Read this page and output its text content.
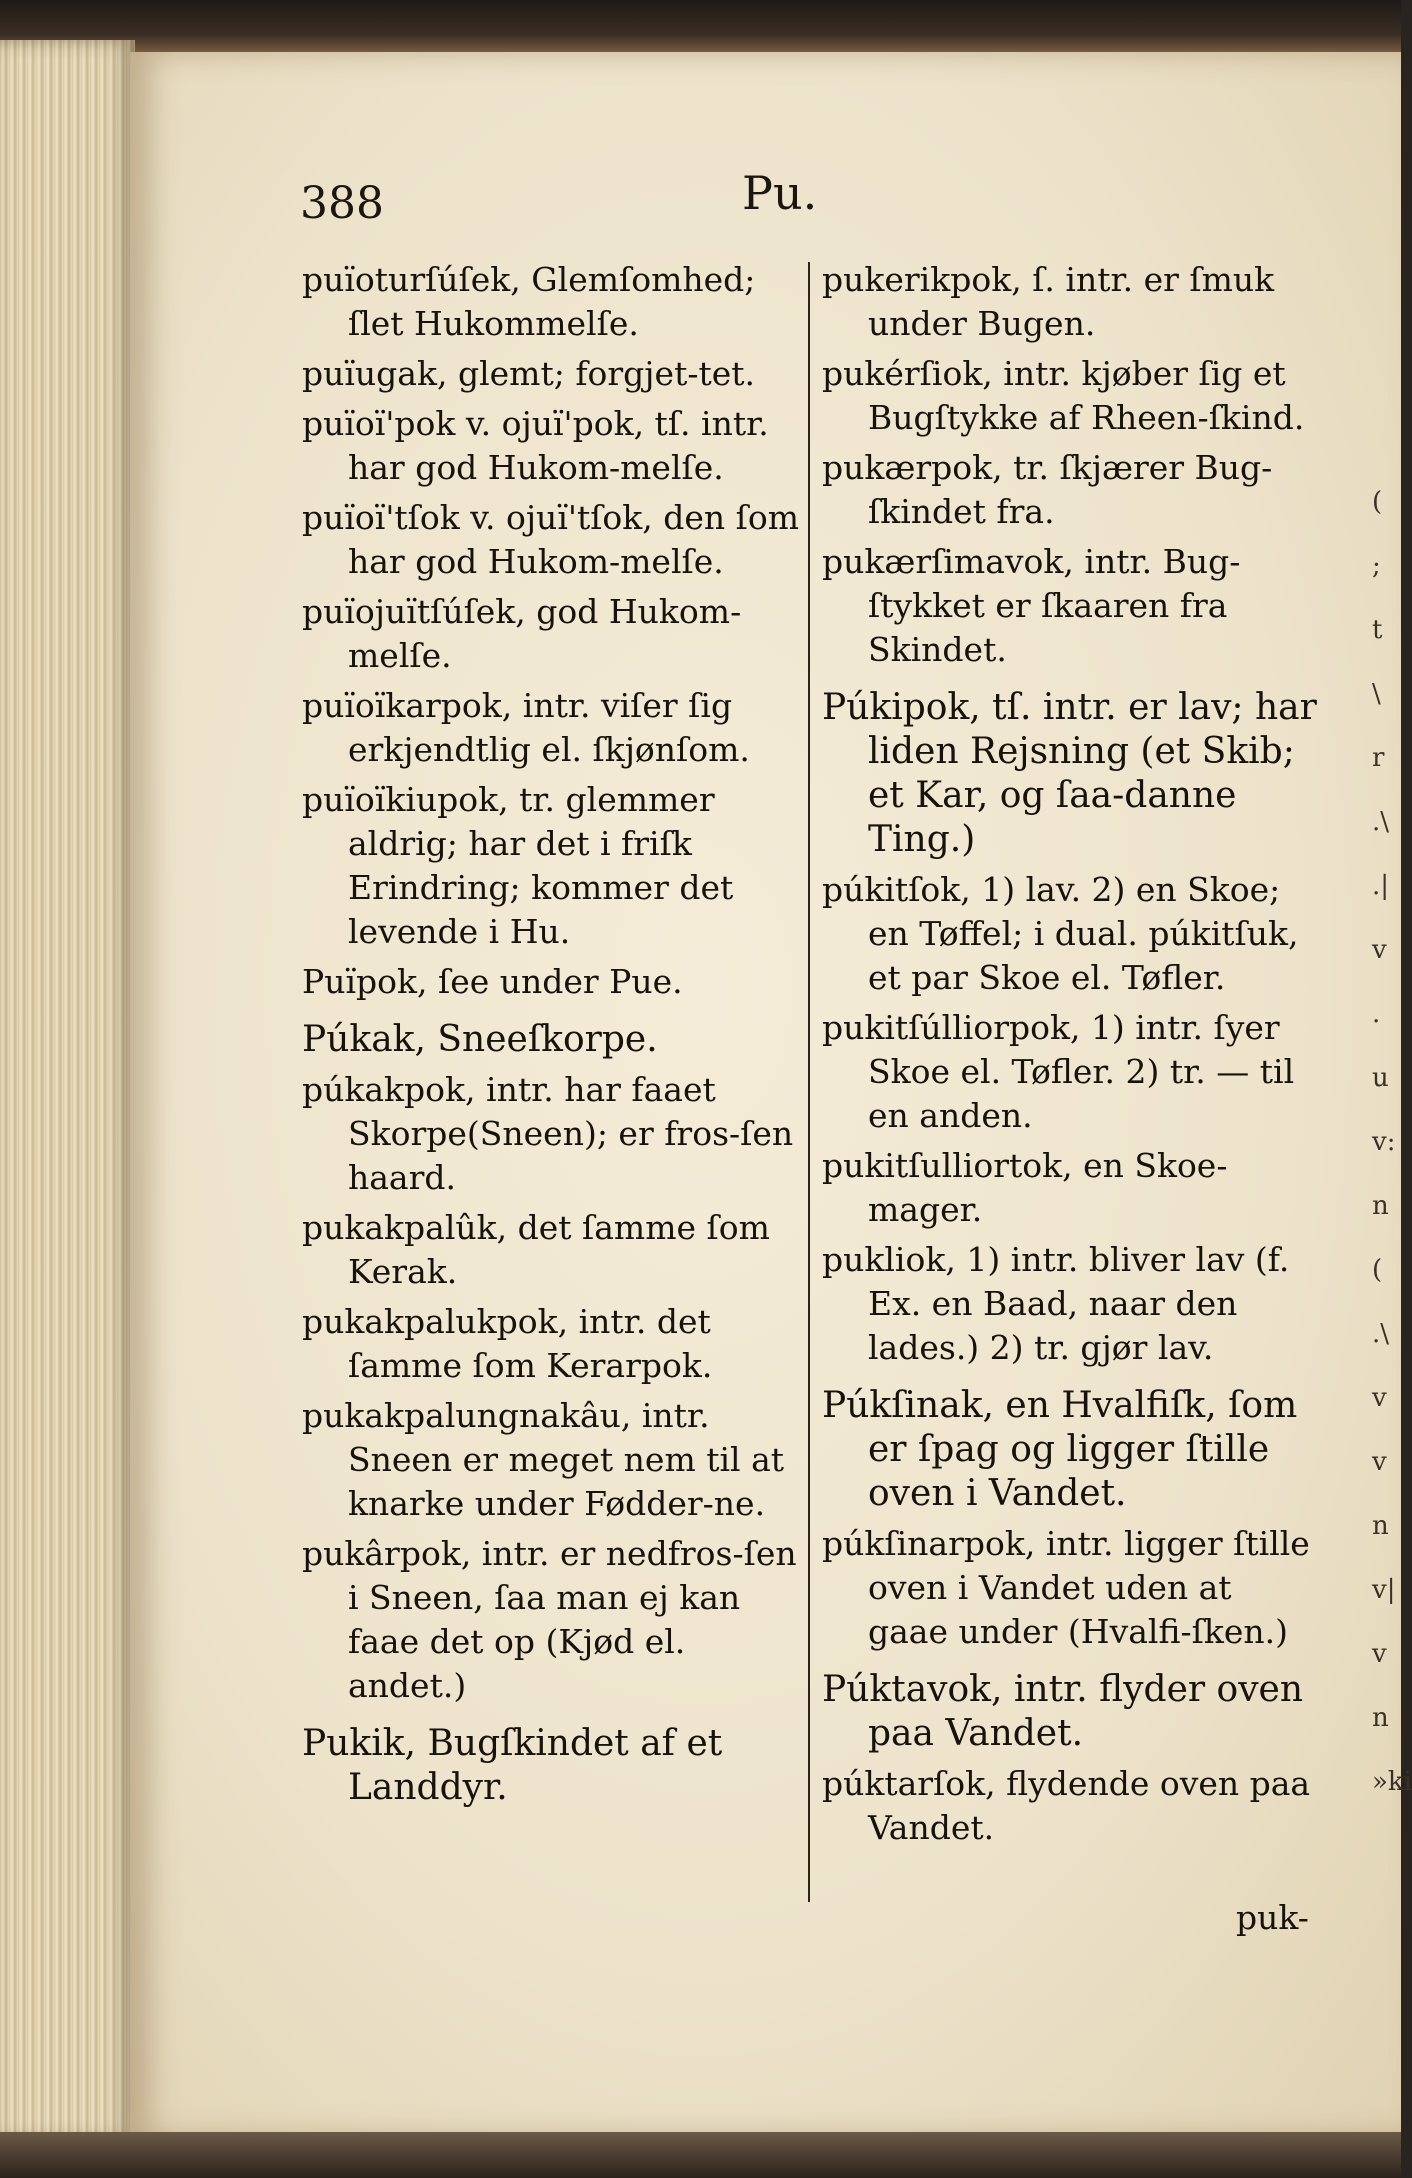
388	Pu.

puïoturſúſek, Glemſomhed; ſlet Hukommelſe.

puïugak, glemt; forgjet-tet.

puïoï'pok v. ojuï'pok, tſ. intr. har god Hukom-melſe.

puïoï'tſok v. ojuï'tſok, den ſom har god Hukom-melſe.

puïojuïtſúſek, god Hukom-melſe.

puïoïkarpok, intr. viſer ſig erkjendtlig el. ſkjønſom.

puïoïkiupok, tr. glemmer aldrig; har det i friſk Erindring; kommer det levende i Hu.

Puïpok, ſee under Pue.

Púkak, Sneeſkorpe.

púkakpok, intr. har faaet Skorpe(Sneen); er fros-ſen haard.

pukakpalûk, det ſamme ſom Kerak.

pukakpalukpok, intr. det ſamme ſom Kerarpok.

pukakpalungnakâu, intr. Sneen er meget nem til at knarke under Fødder-ne.

pukârpok, intr. er nedfros-ſen i Sneen, ſaa man ej kan faae det op (Kjød el. andet.)

Pukik, Bugſkindet af et Landdyr.

pukerikpok, ſ. intr. er ſmuk under Bugen.

pukérſiok, intr. kjøber ſig et Bugſtykke af Rheen-ſkind.

pukærpok, tr. ſkjærer Bug-ſkindet fra.

pukærſimavok, intr. Bug-ſtykket er ſkaaren fra Skindet.

Púkipok, tſ. intr. er lav; har liden Rejsning (et Skib; et Kar, og ſaa-danne Ting.)

púkitſok, 1) lav. 2) en Skoe; en Tøffel; i dual. púkitſuk, et par Skoe el. Tøfler.

pukitſúlliorpok, 1) intr. ſyer Skoe el. Tøfler. 2) tr. — til en anden.

pukitſulliortok, en Skoe-mager.

pukliok, 1) intr. bliver lav (f. Ex. en Baad, naar den lades.) 2) tr. gjør lav.

Púkſinak, en Hvalfiſk, ſom er ſpag og ligger ſtille oven i Vandet.

púkſinarpok, intr. ligger ſtille oven i Vandet uden at gaae under (Hvalfi-ſken.)

Púktavok, intr. flyder oven paa Vandet.

púktarſok, flydende oven paa Vandet.

(
;
t
\
r
.\
.|
v
.
u
v:
n
(
.\
v
v
n
v|
v
n
»ki
puk-
